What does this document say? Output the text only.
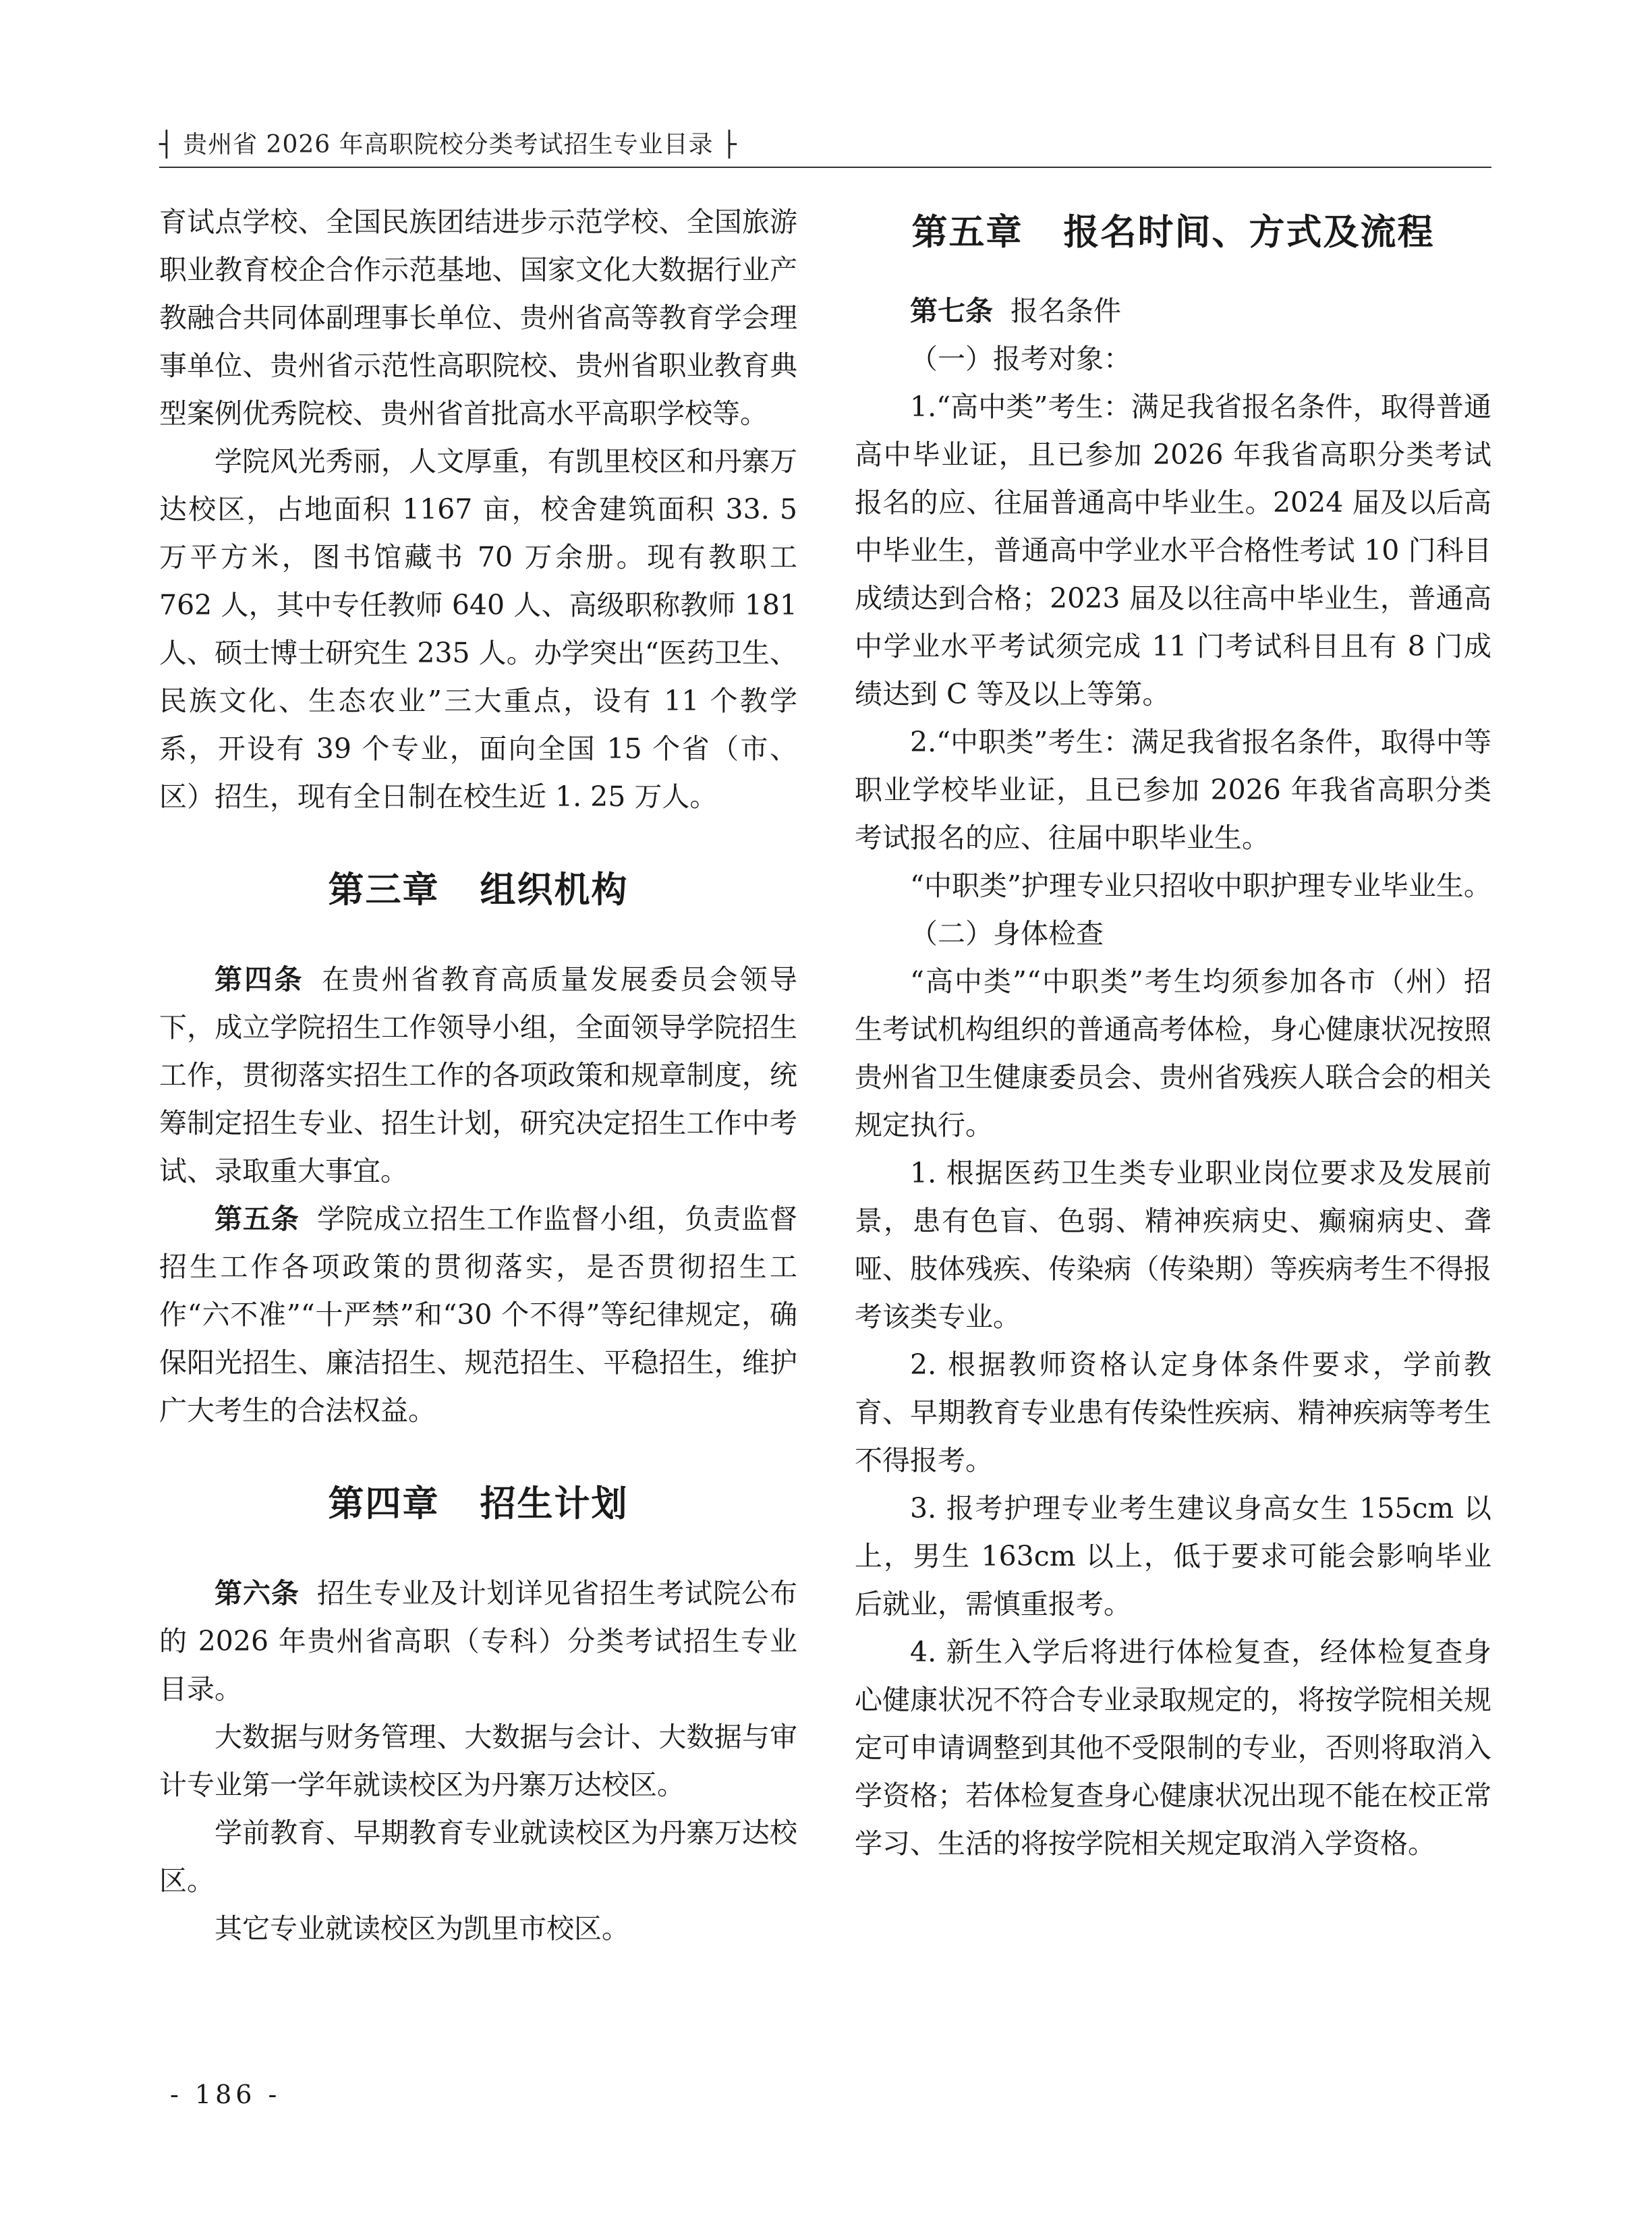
┤ 贵州省 2026 年高职院校分类考试招生专业目录 ├

育试点学校、全国民族团结进步示范学校、全国旅游职业教育校企合作示范基地、国家文化大数据行业产教融合共同体副理事长单位、贵州省高等教育学会理事单位、贵州省示范性高职院校、贵州省职业教育典型案例优秀院校、贵州省首批高水平高职学校等。

学院风光秀丽，人文厚重，有凯里校区和丹寨万达校区，占地面积 1167 亩，校舍建筑面积 33. 5 万平方米，图书馆藏书 70 万余册。现有教职工 762 人，其中专任教师 640 人、高级职称教师 181 人、硕士博士研究生 235 人。办学突出“医药卫生、民族文化、生态农业”三大重点，设有 11 个教学系，开设有 39 个专业，面向全国 15 个省（市、区）招生，现有全日制在校生近 1. 25 万人。

第三章 组织机构

第四条 在贵州省教育高质量发展委员会领导下，成立学院招生工作领导小组，全面领导学院招生工作，贯彻落实招生工作的各项政策和规章制度，统筹制定招生专业、招生计划，研究决定招生工作中考试、录取重大事宜。

第五条 学院成立招生工作监督小组，负责监督招生工作各项政策的贯彻落实，是否贯彻招生工作“六不准”“十严禁”和“30 个不得”等纪律规定，确保阳光招生、廉洁招生、规范招生、平稳招生，维护广大考生的合法权益。

第四章 招生计划

第六条 招生专业及计划详见省招生考试院公布的 2026 年贵州省高职（专科）分类考试招生专业目录。

大数据与财务管理、大数据与会计、大数据与审计专业第一学年就读校区为丹寨万达校区。

学前教育、早期教育专业就读校区为丹寨万达校区。

其它专业就读校区为凯里市校区。

第五章 报名时间、方式及流程

第七条 报名条件

（一）报考对象：

1.“高中类”考生：满足我省报名条件，取得普通高中毕业证，且已参加 2026 年我省高职分类考试报名的应、往届普通高中毕业生。2024 届及以后高中毕业生，普通高中学业水平合格性考试 10 门科目成绩达到合格；2023 届及以往高中毕业生，普通高中学业水平考试须完成 11 门考试科目且有 8 门成绩达到 C 等及以上等第。

2.“中职类”考生：满足我省报名条件，取得中等职业学校毕业证，且已参加 2026 年我省高职分类考试报名的应、往届中职毕业生。

“中职类”护理专业只招收中职护理专业毕业生。

（二）身体检查

“高中类”“中职类”考生均须参加各市（州）招生考试机构组织的普通高考体检，身心健康状况按照贵州省卫生健康委员会、贵州省残疾人联合会的相关规定执行。

1. 根据医药卫生类专业职业岗位要求及发展前景，患有色盲、色弱、精神疾病史、癫痫病史、聋哑、肢体残疾、传染病（传染期）等疾病考生不得报考该类专业。

2. 根据教师资格认定身体条件要求，学前教育、早期教育专业患有传染性疾病、精神疾病等考生不得报考。

3. 报考护理专业考生建议身高女生 155cm 以上，男生 163cm 以上，低于要求可能会影响毕业后就业，需慎重报考。

4. 新生入学后将进行体检复查，经体检复查身心健康状况不符合专业录取规定的，将按学院相关规定可申请调整到其他不受限制的专业，否则将取消入学资格；若体检复查身心健康状况出现不能在校正常学习、生活的将按学院相关规定取消入学资格。

- 186 -
